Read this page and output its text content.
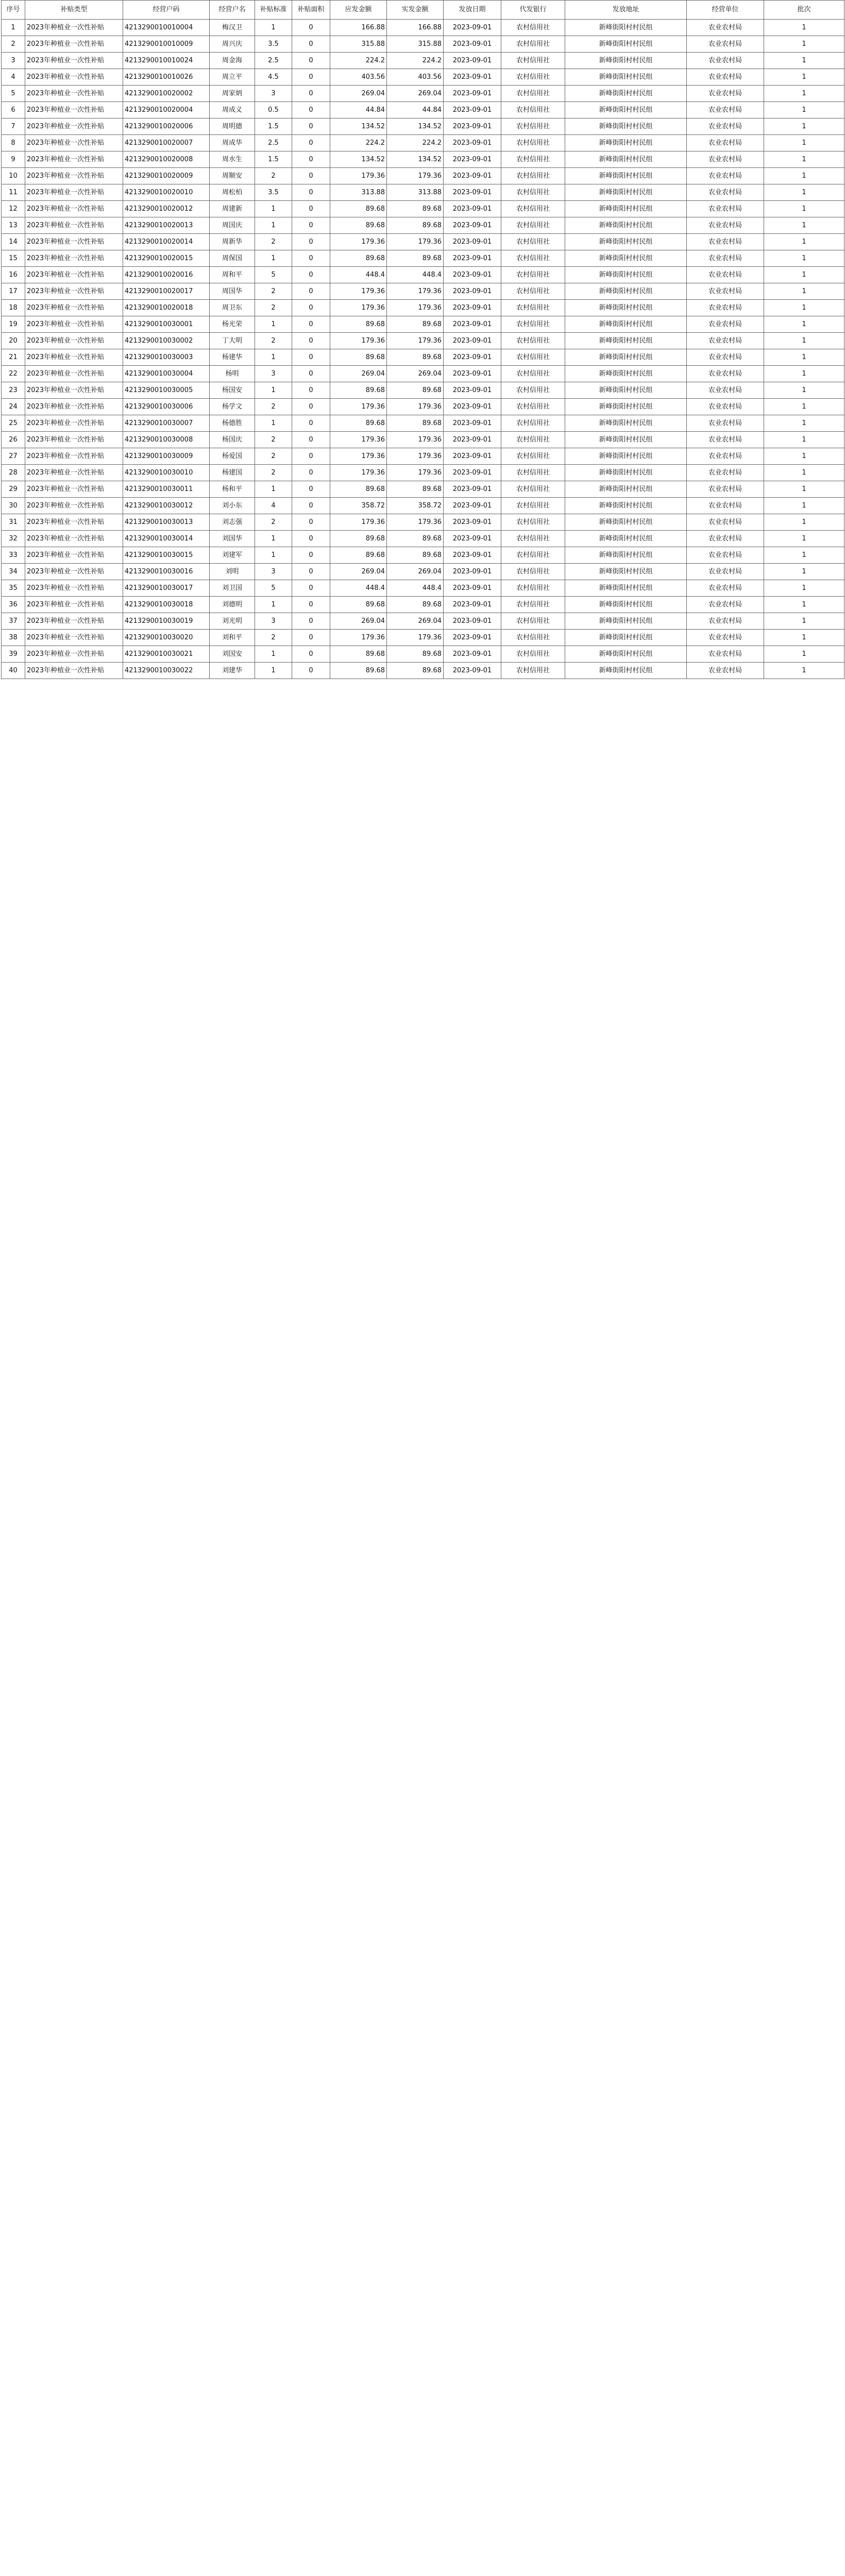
序号	补贴类型	经营户码	经营户名	补贴标准	补贴面积	应发金额	实发金额	发放日期	代发银行	发放地址	经营单位	批次
1	2023年种植业一次性补贴	4213290010010004	梅汉卫	1	0	166.88	166.88	2023-09-01	农村信用社	新峰街阳村村民组	农业农村局	1
2	2023年种植业一次性补贴	4213290010010009	周兴庆	3.5	0	315.88	315.88	2023-09-01	农村信用社	新峰街阳村村民组	农业农村局	1
3	2023年种植业一次性补贴	4213290010010024	周金海	2.5	0	224.2	224.2	2023-09-01	农村信用社	新峰街阳村村民组	农业农村局	1
4	2023年种植业一次性补贴	4213290010010026	周立平	4.5	0	403.56	403.56	2023-09-01	农村信用社	新峰街阳村村民组	农业农村局	1
5	2023年种植业一次性补贴	4213290010020002	周家炳	3	0	269.04	269.04	2023-09-01	农村信用社	新峰街阳村村民组	农业农村局	1
6	2023年种植业一次性补贴	4213290010020004	周成义	0.5	0	44.84	44.84	2023-09-01	农村信用社	新峰街阳村村民组	农业农村局	1
7	2023年种植业一次性补贴	4213290010020006	周明德	1.5	0	134.52	134.52	2023-09-01	农村信用社	新峰街阳村村民组	农业农村局	1
8	2023年种植业一次性补贴	4213290010020007	周成华	2.5	0	224.2	224.2	2023-09-01	农村信用社	新峰街阳村村民组	农业农村局	1
9	2023年种植业一次性补贴	4213290010020008	周水生	1.5	0	134.52	134.52	2023-09-01	农村信用社	新峰街阳村村民组	农业农村局	1
10	2023年种植业一次性补贴	4213290010020009	周顺安	2	0	179.36	179.36	2023-09-01	农村信用社	新峰街阳村村民组	农业农村局	1
11	2023年种植业一次性补贴	4213290010020010	周松柏	3.5	0	313.88	313.88	2023-09-01	农村信用社	新峰街阳村村民组	农业农村局	1
12	2023年种植业一次性补贴	4213290010020012	周建新	1	0	89.68	89.68	2023-09-01	农村信用社	新峰街阳村村民组	农业农村局	1
13	2023年种植业一次性补贴	4213290010020013	周国庆	1	0	89.68	89.68	2023-09-01	农村信用社	新峰街阳村村民组	农业农村局	1
14	2023年种植业一次性补贴	4213290010020014	周新华	2	0	179.36	179.36	2023-09-01	农村信用社	新峰街阳村村民组	农业农村局	1
15	2023年种植业一次性补贴	4213290010020015	周保国	1	0	89.68	89.68	2023-09-01	农村信用社	新峰街阳村村民组	农业农村局	1
16	2023年种植业一次性补贴	4213290010020016	周和平	5	0	448.4	448.4	2023-09-01	农村信用社	新峰街阳村村民组	农业农村局	1
17	2023年种植业一次性补贴	4213290010020017	周国华	2	0	179.36	179.36	2023-09-01	农村信用社	新峰街阳村村民组	农业农村局	1
18	2023年种植业一次性补贴	4213290010020018	周卫东	2	0	179.36	179.36	2023-09-01	农村信用社	新峰街阳村村民组	农业农村局	1
19	2023年种植业一次性补贴	4213290010030001	杨光荣	1	0	89.68	89.68	2023-09-01	农村信用社	新峰街阳村村民组	农业农村局	1
20	2023年种植业一次性补贴	4213290010030002	丁大明	2	0	179.36	179.36	2023-09-01	农村信用社	新峰街阳村村民组	农业农村局	1
21	2023年种植业一次性补贴	4213290010030003	杨建华	1	0	89.68	89.68	2023-09-01	农村信用社	新峰街阳村村民组	农业农村局	1
22	2023年种植业一次性补贴	4213290010030004	杨明	3	0	269.04	269.04	2023-09-01	农村信用社	新峰街阳村村民组	农业农村局	1
23	2023年种植业一次性补贴	4213290010030005	杨国安	1	0	89.68	89.68	2023-09-01	农村信用社	新峰街阳村村民组	农业农村局	1
24	2023年种植业一次性补贴	4213290010030006	杨学文	2	0	179.36	179.36	2023-09-01	农村信用社	新峰街阳村村民组	农业农村局	1
25	2023年种植业一次性补贴	4213290010030007	杨德胜	1	0	89.68	89.68	2023-09-01	农村信用社	新峰街阳村村民组	农业农村局	1
26	2023年种植业一次性补贴	4213290010030008	杨国庆	2	0	179.36	179.36	2023-09-01	农村信用社	新峰街阳村村民组	农业农村局	1
27	2023年种植业一次性补贴	4213290010030009	杨爱国	2	0	179.36	179.36	2023-09-01	农村信用社	新峰街阳村村民组	农业农村局	1
28	2023年种植业一次性补贴	4213290010030010	杨建国	2	0	179.36	179.36	2023-09-01	农村信用社	新峰街阳村村民组	农业农村局	1
29	2023年种植业一次性补贴	4213290010030011	杨和平	1	0	89.68	89.68	2023-09-01	农村信用社	新峰街阳村村民组	农业农村局	1
30	2023年种植业一次性补贴	4213290010030012	刘小东	4	0	358.72	358.72	2023-09-01	农村信用社	新峰街阳村村民组	农业农村局	1
31	2023年种植业一次性补贴	4213290010030013	刘志强	2	0	179.36	179.36	2023-09-01	农村信用社	新峰街阳村村民组	农业农村局	1
32	2023年种植业一次性补贴	4213290010030014	刘国华	1	0	89.68	89.68	2023-09-01	农村信用社	新峰街阳村村民组	农业农村局	1
33	2023年种植业一次性补贴	4213290010030015	刘建军	1	0	89.68	89.68	2023-09-01	农村信用社	新峰街阳村村民组	农业农村局	1
34	2023年种植业一次性补贴	4213290010030016	刘明	3	0	269.04	269.04	2023-09-01	农村信用社	新峰街阳村村民组	农业农村局	1
35	2023年种植业一次性补贴	4213290010030017	刘卫国	5	0	448.4	448.4	2023-09-01	农村信用社	新峰街阳村村民组	农业农村局	1
36	2023年种植业一次性补贴	4213290010030018	刘德明	1	0	89.68	89.68	2023-09-01	农村信用社	新峰街阳村村民组	农业农村局	1
37	2023年种植业一次性补贴	4213290010030019	刘光明	3	0	269.04	269.04	2023-09-01	农村信用社	新峰街阳村村民组	农业农村局	1
38	2023年种植业一次性补贴	4213290010030020	刘和平	2	0	179.36	179.36	2023-09-01	农村信用社	新峰街阳村村民组	农业农村局	1
39	2023年种植业一次性补贴	4213290010030021	刘国安	1	0	89.68	89.68	2023-09-01	农村信用社	新峰街阳村村民组	农业农村局	1
40	2023年种植业一次性补贴	4213290010030022	刘建华	1	0	89.68	89.68	2023-09-01	农村信用社	新峰街阳村村民组	农业农村局	1
